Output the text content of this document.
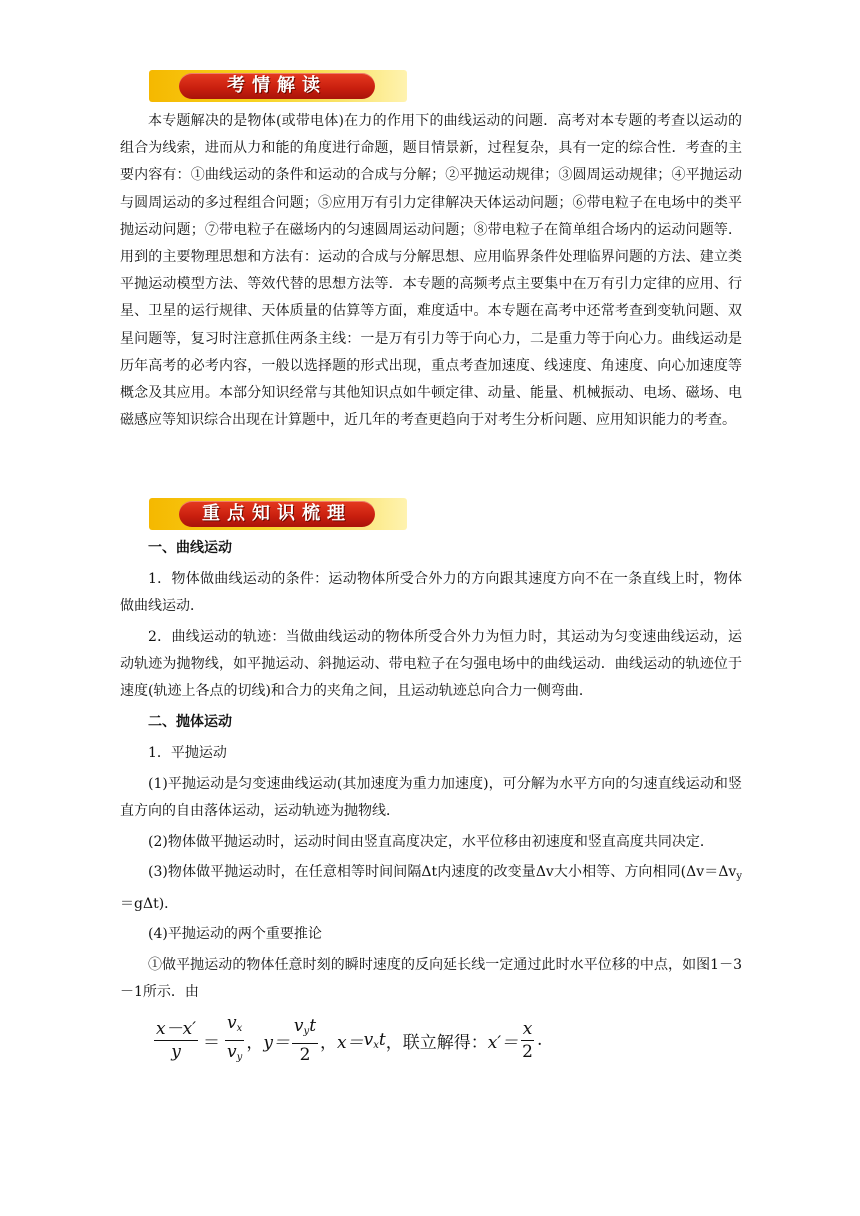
考情解读

本专题解决的是物体(或带电体)在力的作用下的曲线运动的问题．高考对本专题的考查以运动的组合为线索，进而从力和能的角度进行命题，题目情景新，过程复杂，具有一定的综合性．考查的主要内容有：①曲线运动的条件和运动的合成与分解；②平抛运动规律；③圆周运动规律；④平抛运动与圆周运动的多过程组合问题；⑤应用万有引力定律解决天体运动问题；⑥带电粒子在电场中的类平抛运动问题；⑦带电粒子在磁场内的匀速圆周运动问题；⑧带电粒子在简单组合场内的运动问题等．用到的主要物理思想和方法有：运动的合成与分解思想、应用临界条件处理临界问题的方法、建立类平抛运动模型方法、等效代替的思想方法等．本专题的高频考点主要集中在万有引力定律的应用、行星、卫星的运行规律、天体质量的估算等方面，难度适中。本专题在高考中还常考查到变轨问题、双星问题等，复习时注意抓住两条主线：一是万有引力等于向心力，二是重力等于向心力。曲线运动是历年高考的必考内容，一般以选择题的形式出现，重点考查加速度、线速度、角速度、向心加速度等概念及其应用。本部分知识经常与其他知识点如牛顿定律、动量、能量、机械振动、电场、磁场、电磁感应等知识综合出现在计算题中，近几年的考查更趋向于对考生分析问题、应用知识能力的考查。

重点知识梳理

一、曲线运动

1．物体做曲线运动的条件：运动物体所受合外力的方向跟其速度方向不在一条直线上时，物体做曲线运动．

2．曲线运动的轨迹：当做曲线运动的物体所受合外力为恒力时，其运动为匀变速曲线运动，运动轨迹为抛物线，如平抛运动、斜抛运动、带电粒子在匀强电场中的曲线运动．曲线运动的轨迹位于速度(轨迹上各点的切线)和合力的夹角之间，且运动轨迹总向合力一侧弯曲．

二、抛体运动

1．平抛运动

(1)平抛运动是匀变速曲线运动(其加速度为重力加速度)，可分解为水平方向的匀速直线运动和竖直方向的自由落体运动，运动轨迹为抛物线．

(2)物体做平抛运动时，运动时间由竖直高度决定，水平位移由初速度和竖直高度共同决定．

(3)物体做平抛运动时，在任意相等时间间隔Δt内速度的改变量Δv大小相等、方向相同$(\Delta v=\Delta v_y=g\Delta t)$．

(4)平抛运动的两个重要推论

①做平抛运动的物体任意时刻的瞬时速度的反向延长线一定通过此时水平位移的中点，如图1－3－1所示．由

$\frac{x-x'}{y} = \frac{v_x}{v_y}$ ， $y= \frac{v_yt}{2}$ ， $x= v_xt$ ，联立解得： $x'= \frac{x}{2}$ .
